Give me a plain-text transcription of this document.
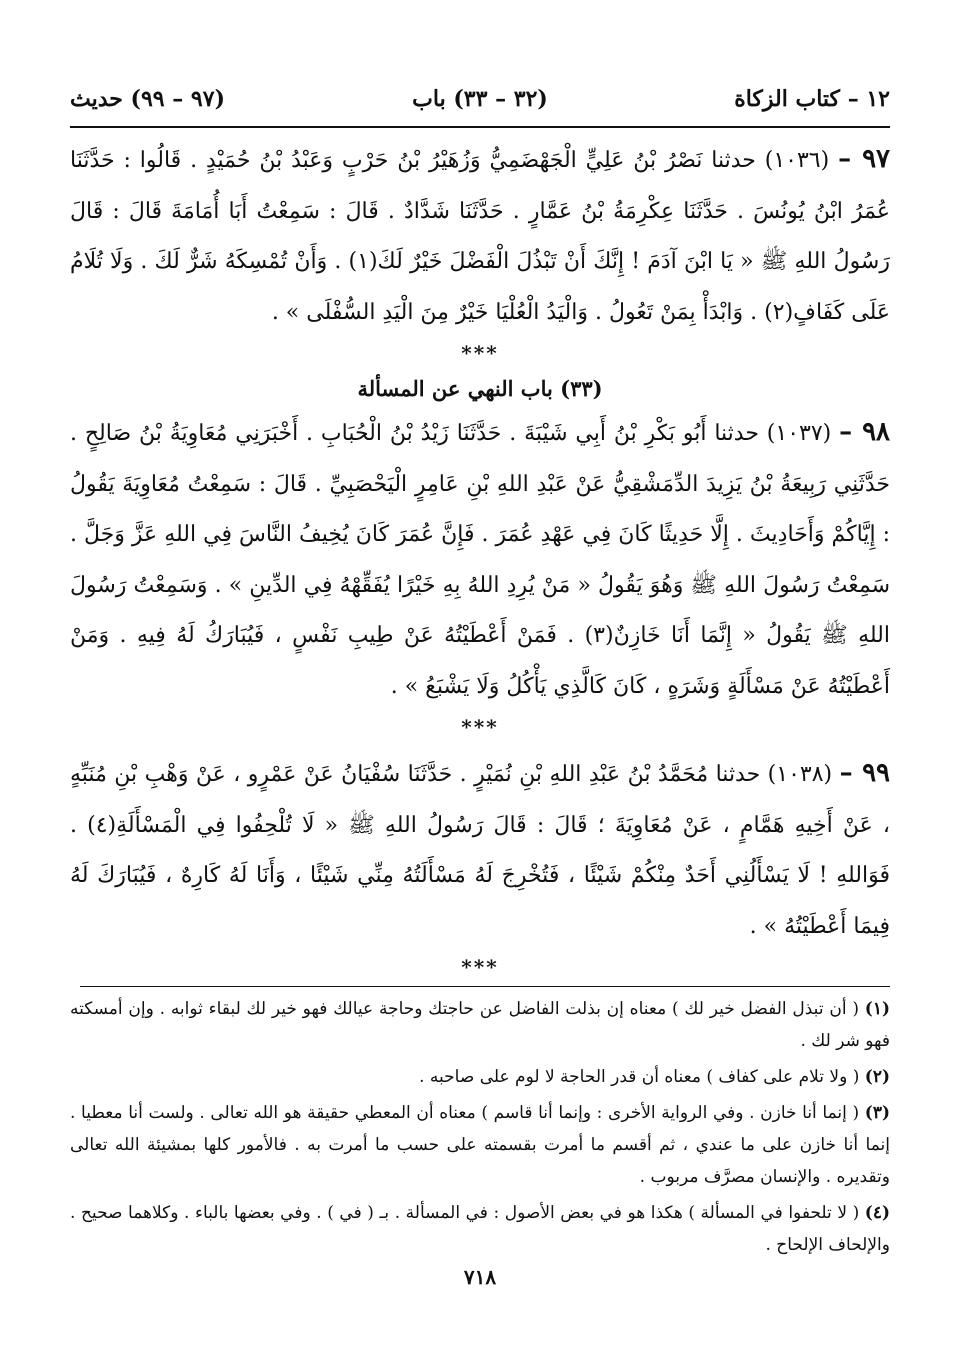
١٢ – كتاب الزكاة
(٣٢ – ٣٣) باب
(٩٧ – ٩٩) حديث

٩٧ – (١٠٣٦) حدثنا نَصْرُ بْنُ عَلِيٍّ الْجَهْضَمِيُّ وَزُهَيْرُ بْنُ حَرْبٍ وَعَبْدُ بْنُ حُمَيْدٍ . قَالُوا : حَدَّثَنَا عُمَرُ ابْنُ يُونُسَ . حَدَّثَنَا عِكْرِمَةُ بْنُ عَمَّارٍ . حَدَّثَنَا شَدَّادٌ . قَالَ : سَمِعْتُ أَبَا أُمَامَةَ قَالَ : قَالَ رَسُولُ اللهِ ﷺ « يَا ابْنَ آدَمَ ! إِنَّكَ أَنْ تَبْذُلَ الْفَضْلَ خَيْرٌ لَكَ(١) . وَأَنْ تُمْسِكَهُ شَرٌّ لَكَ . وَلَا تُلَامُ عَلَى كَفَافٍ(٢) . وَابْدَأْ بِمَنْ تَعُولُ . وَالْيَدُ الْعُلْيَا خَيْرٌ مِنَ الْيَدِ السُّفْلَى » .

***
(٣٣) باب النهي عن المسألة

٩٨ – (١٠٣٧) حدثنا أَبُو بَكْرِ بْنُ أَبِي شَيْبَةَ . حَدَّثَنَا زَيْدُ بْنُ الْحُبَابِ . أَخْبَرَنِي مُعَاوِيَةُ بْنُ صَالِحٍ . حَدَّثَنِي رَبِيعَةُ بْنُ يَزِيدَ الدِّمَشْقِيُّ عَنْ عَبْدِ اللهِ بْنِ عَامِرٍ الْيَحْصَبِيِّ . قَالَ : سَمِعْتُ مُعَاوِيَةَ يَقُولُ : إِيَّاكُمْ وَأَحَادِيثَ . إِلَّا حَدِيثًا كَانَ فِي عَهْدِ عُمَرَ . فَإِنَّ عُمَرَ كَانَ يُخِيفُ النَّاسَ فِي اللهِ عَزَّ وَجَلَّ . سَمِعْتُ رَسُولَ اللهِ ﷺ وَهُوَ يَقُولُ « مَنْ يُرِدِ اللهُ بِهِ خَيْرًا يُفَقِّهْهُ فِي الدِّينِ » . وَسَمِعْتُ رَسُولَ اللهِ ﷺ يَقُولُ « إِنَّمَا أَنَا خَازِنٌ(٣) . فَمَنْ أَعْطَيْتُهُ عَنْ طِيبِ نَفْسٍ ، فَيُبَارَكُ لَهُ فِيهِ . وَمَنْ أَعْطَيْتُهُ عَنْ مَسْأَلَةٍ وَشَرَهٍ ، كَانَ كَالَّذِي يَأْكُلُ وَلَا يَشْبَعُ » .

***

٩٩ – (١٠٣٨) حدثنا مُحَمَّدُ بْنُ عَبْدِ اللهِ بْنِ نُمَيْرٍ . حَدَّثَنَا سُفْيَانُ عَنْ عَمْرٍو ، عَنْ وَهْبِ بْنِ مُنَبِّهٍ ، عَنْ أَخِيهِ هَمَّامٍ ، عَنْ مُعَاوِيَةَ ؛ قَالَ : قَالَ رَسُولُ اللهِ ﷺ « لَا تُلْحِفُوا فِي الْمَسْأَلَةِ(٤) . فَوَاللهِ ! لَا يَسْأَلُنِي أَحَدٌ مِنْكُمْ شَيْئًا ، فَتُخْرِجَ لَهُ مَسْأَلَتُهُ مِنِّي شَيْئًا ، وَأَنَا لَهُ كَارِهٌ ، فَيُبَارَكَ لَهُ فِيمَا أَعْطَيْتُهُ » .

***

(١) ( أن تبذل الفضل خير لك ) معناه إن بذلت الفاضل عن حاجتك وحاجة عيالك فهو خير لك لبقاء ثوابه . وإن أمسكته فهو شر لك .

(٢) ( ولا تلام على كفاف ) معناه أن قدر الحاجة لا لوم على صاحبه .

(٣) ( إنما أنا خازن . وفي الرواية الأخرى : وإنما أنا قاسم ) معناه أن المعطي حقيقة هو الله تعالى . ولست أنا معطيا . إنما أنا خازن على ما عندي ، ثم أقسم ما أمرت بقسمته على حسب ما أمرت به . فالأمور كلها بمشيئة الله تعالى وتقديره . والإنسان مصرَّف مربوب .

(٤) ( لا تلحفوا في المسألة ) هكذا هو في بعض الأصول : في المسألة . بـ ( في ) . وفي بعضها بالباء . وكلاهما صحيح . والإلحاف الإلحاح .

٧١٨
